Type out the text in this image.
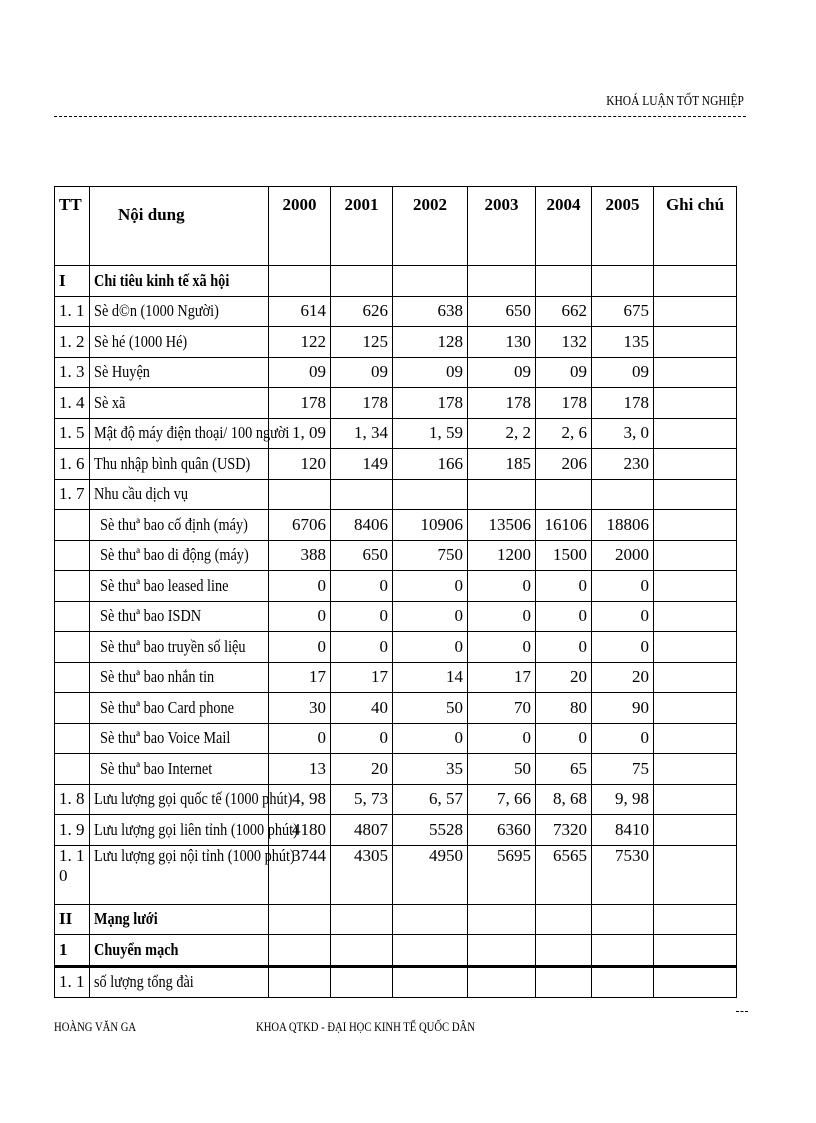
KHOÁ LUẬN TỐT NGHIỆP
TT	Nội dung	2000	2001	2002	2003	2004	2005	Ghi chú
I	Chỉ tiêu kinh tế xã hội							
1. 1	Sè d©n (1000 Người)	614	626	638	650	662	675	
1. 2	Sè hé (1000 Hé)	122	125	128	130	132	135	
1. 3	Sè Huyện	09	09	09	09	09	09	
1. 4	Sè xã	178	178	178	178	178	178	
1. 5	Mật độ máy điện thoại/ 100 người	1, 09	1, 34	1, 59	2, 2	2, 6	3, 0	
1. 6	Thu nhập bình quân (USD)	120	149	166	185	206	230	
1. 7	Nhu cầu dịch vụ							
	Sè thuª bao cố định (máy)	6706	8406	10906	13506	16106	18806	
	Sè thuª bao di động (máy)	388	650	750	1200	1500	2000	
	Sè thuª bao leased line	0	0	0	0	0	0	
	Sè thuª bao ISDN	0	0	0	0	0	0	
	Sè thuª bao truyền số liệu	0	0	0	0	0	0	
	Sè thuª bao nhắn tin	17	17	14	17	20	20	
	Sè thuª bao Card phone	30	40	50	70	80	90	
	Sè thuª bao Voice Mail	0	0	0	0	0	0	
	Sè thuª bao Internet	13	20	35	50	65	75	
1. 8	Lưu lượng gọi quốc tế (1000 phút)	4, 98	5, 73	6, 57	7, 66	8, 68	9, 98	
1. 9	Lưu lượng gọi liên tỉnh (1000 phút)	4180	4807	5528	6360	7320	8410	
1. 10	Lưu lượng gọi nội tỉnh (1000 phút)	3744	4305	4950	5695	6565	7530	
II	Mạng lưới							
1	Chuyển mạch							
1. 1	số lượng tổng đài							
HOÀNG VĂN GA	KHOA QTKD - ĐẠI HỌC KINH TẾ QUỐC DÂN
